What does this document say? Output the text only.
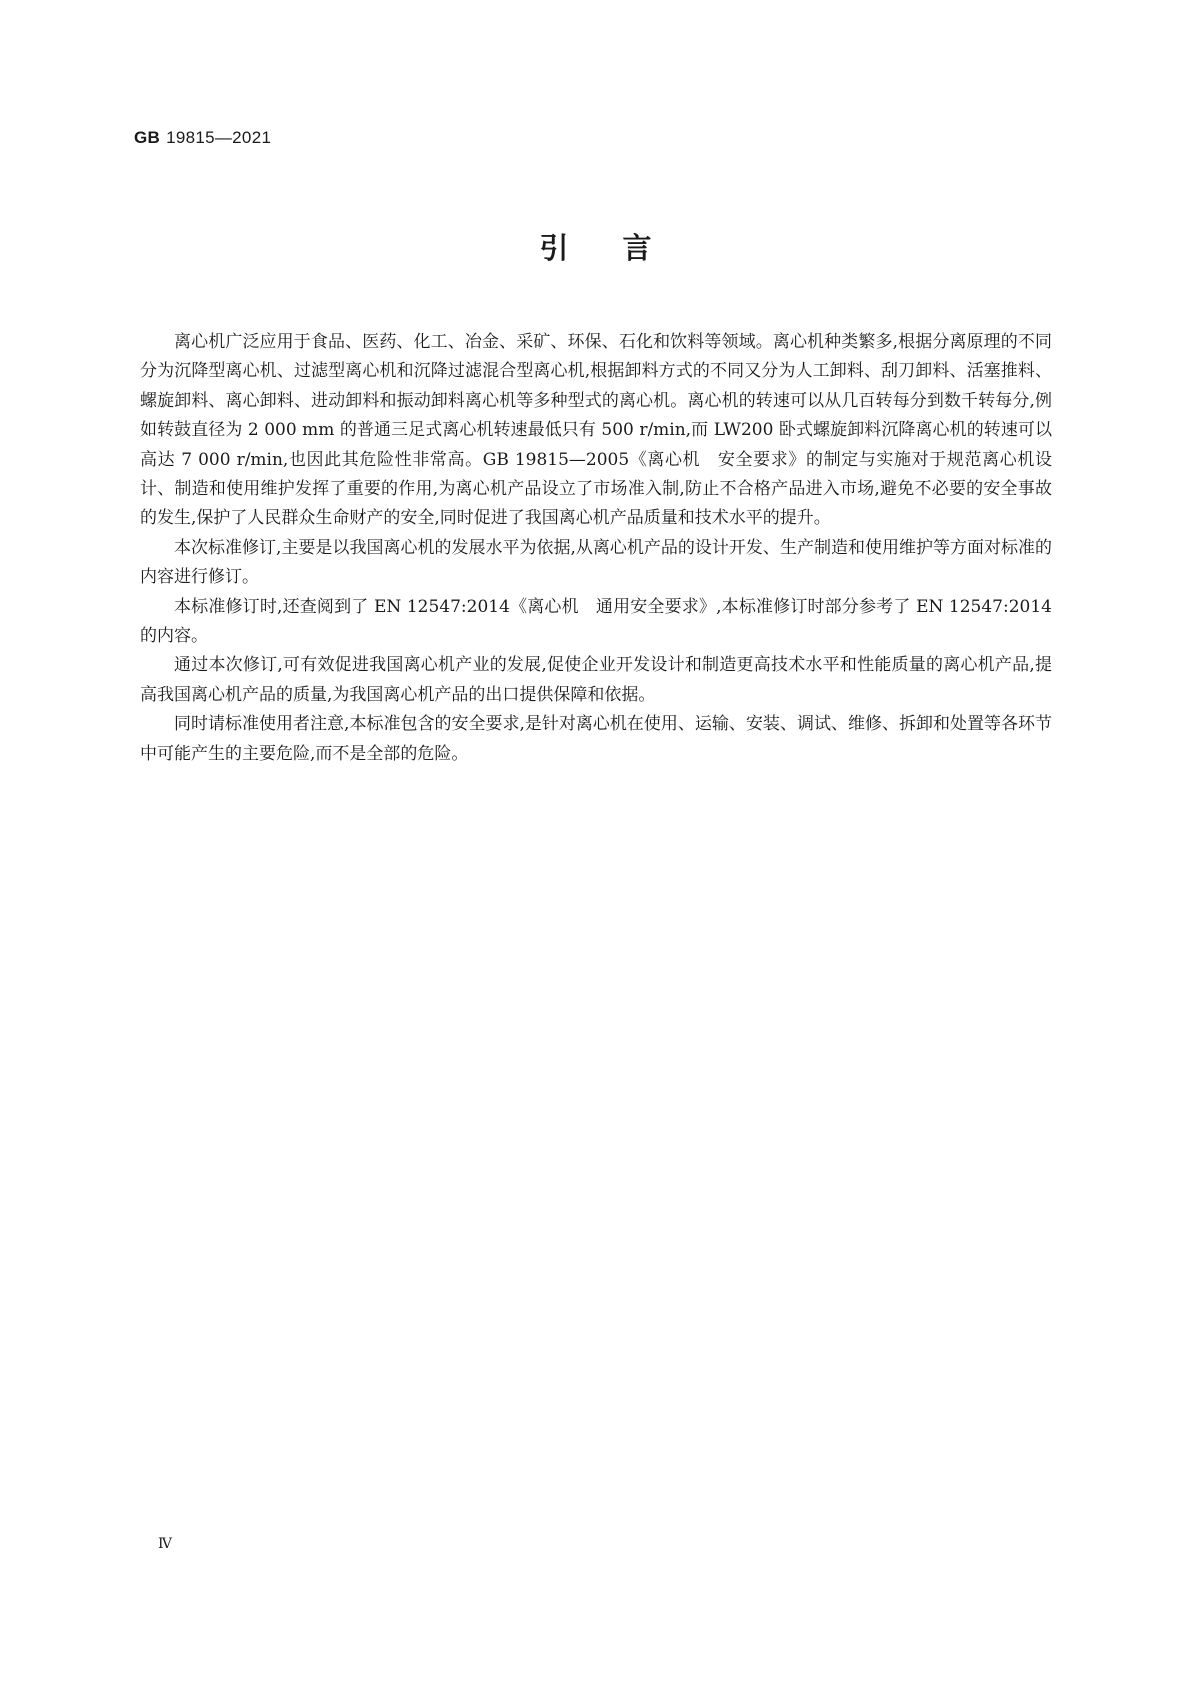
GB 19815—2021
引言

离心机广泛应用于食品、医药、化工、冶金、采矿、环保、石化和饮料等领域。离心机种类繁多,根据分离原理的不同分为沉降型离心机、过滤型离心机和沉降过滤混合型离心机,根据卸料方式的不同又分为人工卸料、刮刀卸料、活塞推料、螺旋卸料、离心卸料、进动卸料和振动卸料离心机等多种型式的离心机。离心机的转速可以从几百转每分到数千转每分,例如转鼓直径为 2 000 mm 的普通三足式离心机转速最低只有 500 r/min,而 LW200 卧式螺旋卸料沉降离心机的转速可以高达 7 000 r/min,也因此其危险性非常高。GB 19815—2005《离心机　安全要求》的制定与实施对于规范离心机设计、制造和使用维护发挥了重要的作用,为离心机产品设立了市场准入制,防止不合格产品进入市场,避免不必要的安全事故的发生,保护了人民群众生命财产的安全,同时促进了我国离心机产品质量和技术水平的提升。

本次标准修订,主要是以我国离心机的发展水平为依据,从离心机产品的设计开发、生产制造和使用维护等方面对标准的内容进行修订。

本标准修订时,还查阅到了 EN 12547:2014《离心机　通用安全要求》,本标准修订时部分参考了 EN 12547:2014 的内容。

通过本次修订,可有效促进我国离心机产业的发展,促使企业开发设计和制造更高技术水平和性能质量的离心机产品,提高我国离心机产品的质量,为我国离心机产品的出口提供保障和依据。

同时请标准使用者注意,本标准包含的安全要求,是针对离心机在使用、运输、安装、调试、维修、拆卸和处置等各环节中可能产生的主要危险,而不是全部的危险。

Ⅳ
